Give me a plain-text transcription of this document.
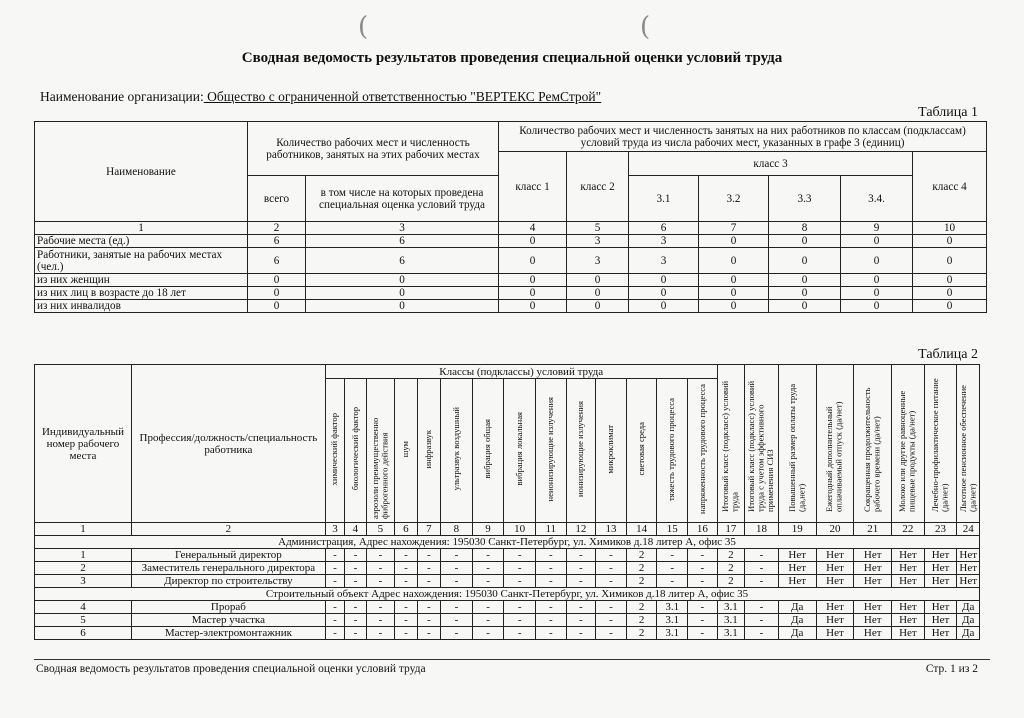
(	(
Сводная ведомость результатов проведения специальной оценки условий труда
Наименование организации: Общество с ограниченной ответственностью "ВЕРТЕКС РемСтрой"
Таблица 1
Наименование	Количество рабочих мест и численность работников, занятых на этих рабочих местах		Количество рабочих мест и численность занятых на них работников по классам (подклассам) условий труда из числа рабочих мест, указанных в графе 3 (единиц)						
			класс 1	класс 2	класс 3				класс 4
	всего	в том числе на которых проведена специальная оценка условий труда			3.1	3.2	3.3	3.4.	
1	2	3	4	5	6	7	8	9	10
Рабочие места (ед.)	6	6	0	3	3	0	0	0	0
Работники, занятые на рабочих местах (чел.)	6	6	0	3	3	0	0	0	0
из них женщин	0	0	0	0	0	0	0	0	0
из них лиц в возрасте до 18 лет	0	0	0	0	0	0	0	0	0
из них инвалидов	0	0	0	0	0	0	0	0	0
Таблица 2
Индивидуальный номер рабочего места	Профессия/должность/специальность работника	Классы (подклассы) условий труда														Итоговый класс (подкласс) условий труда	Итоговый класс (подкласс) условий труда с учетом эффективного применения СИЗ	Повышенный размер оплаты труда (да,нет)	Ежегодный дополнительный оплачиваемый отпуск (да/нет)	Сокращенная продолжительность рабочего времени (да/нет)	Молоко или другие равноценные пищевые продукты (да/нет)	Лечебно-профилактическое питание (да/нет)	Льготное пенсионное обеспечение (да/нет)
		химический фактор	биологический фактор	аэрозоли преимущественно фиброгенного действия	шум	инфразвук	ультразвук воздушный	вибрация общая	вибрация локальная	неионизирующие излучения	ионизирующие излучения	микроклимат	световая среда	тяжесть трудового процесса	напряженность трудового процесса								
1	2	3	4	5	6	7	8	9	10	11	12	13	14	15	16	17	18	19	20	21	22	23	24
Администрация, Адрес нахождения: 195030 Санкт-Петербург, ул. Химиков д.18 литер А, офис 35																							
1	Генеральный директор	-	-	-	-	-	-	-	-	-	-	-	2	-	-	2	-	Нет	Нет	Нет	Нет	Нет	Нет
2	Заместитель генерального директора	-	-	-	-	-	-	-	-	-	-	-	2	-	-	2	-	Нет	Нет	Нет	Нет	Нет	Нет
3	Директор по строительству	-	-	-	-	-	-	-	-	-	-	-	2	-	-	2	-	Нет	Нет	Нет	Нет	Нет	Нет
Строительный объект Адрес нахождения: 195030 Санкт-Петербург, ул. Химиков д.18 литер А, офис 35																							
4	Прораб	-	-	-	-	-	-	-	-	-	-	-	2	3.1	-	3.1	-	Да	Нет	Нет	Нет	Нет	Да
5	Мастер участка	-	-	-	-	-	-	-	-	-	-	-	2	3.1	-	3.1	-	Да	Нет	Нет	Нет	Нет	Да
6	Мастер-электромонтажник	-	-	-	-	-	-	-	-	-	-	-	2	3.1	-	3.1	-	Да	Нет	Нет	Нет	Нет	Да
Сводная ведомость результатов проведения специальной оценки условий труда	Стр. 1 из 2
